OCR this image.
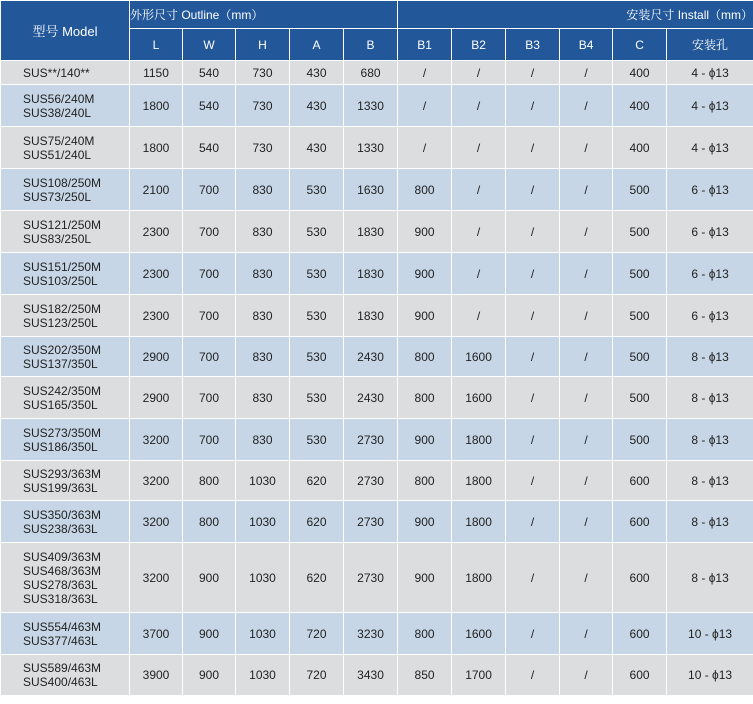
型号 Model	外形尺寸 Outline（mm）					安装尺寸 Install（mm）					
	L	W	H	A	B	B1	B2	B3	B4	C	安装孔

SUS**/140**	1150	540	730	430	680	/	/	/	/	400	4 - ϕ13

SUS56/240M
SUS38/240L	1800	540	730	430	1330	/	/	/	/	400	4 - ϕ13

SUS75/240M
SUS51/240L	1800	540	730	430	1330	/	/	/	/	400	4 - ϕ13

SUS108/250M
SUS73/250L	2100	700	830	530	1630	800	/	/	/	500	6 - ϕ13

SUS121/250M
SUS83/250L	2300	700	830	530	1830	900	/	/	/	500	6 - ϕ13

SUS151/250M
SUS103/250L	2300	700	830	530	1830	900	/	/	/	500	6 - ϕ13

SUS182/250M
SUS123/250L	2300	700	830	530	1830	900	/	/	/	500	6 - ϕ13

SUS202/350M
SUS137/350L	2900	700	830	530	2430	800	1600	/	/	500	8 - ϕ13

SUS242/350M
SUS165/350L	2900	700	830	530	2430	800	1600	/	/	500	8 - ϕ13

SUS273/350M
SUS186/350L	3200	700	830	530	2730	900	1800	/	/	500	8 - ϕ13

SUS293/363M
SUS199/363L	3200	800	1030	620	2730	800	1800	/	/	600	8 - ϕ13

SUS350/363M
SUS238/363L	3200	800	1030	620	2730	900	1800	/	/	600	8 - ϕ13

SUS409/363M
SUS468/363M
SUS278/363L
SUS318/363L	3200	900	1030	620	2730	900	1800	/	/	600	8 - ϕ13

SUS554/463M
SUS377/463L	3700	900	1030	720	3230	800	1600	/	/	600	10 - ϕ13

SUS589/463M
SUS400/463L	3900	900	1030	720	3430	850	1700	/	/	600	10 - ϕ13
